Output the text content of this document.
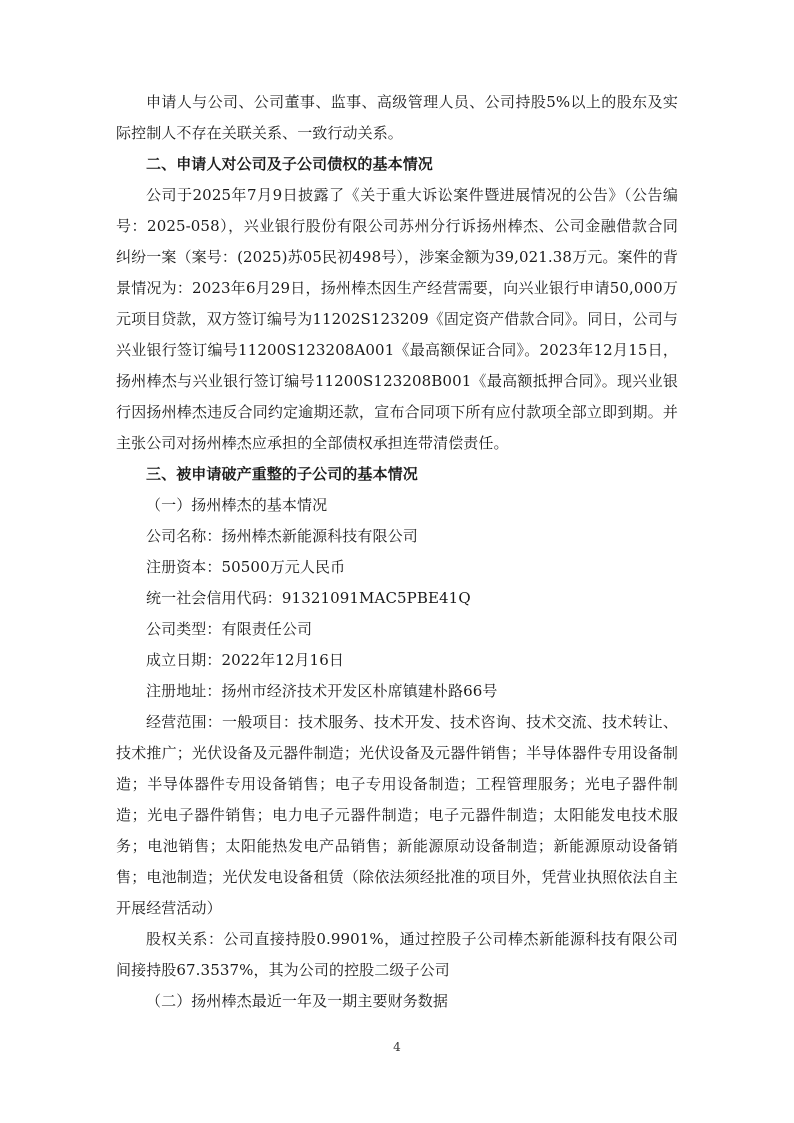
申请人与公司、公司董事、监事、高级管理人员、公司持股5%以上的股东及实际控制人不存在关联关系、一致行动关系。

二、申请人对公司及子公司债权的基本情况

公司于2025年7月9日披露了《关于重大诉讼案件暨进展情况的公告》（公告编号：2025-058），兴业银行股份有限公司苏州分行诉扬州棒杰、公司金融借款合同纠纷一案（案号：(2025)苏05民初498号），涉案金额为39,021.38万元。案件的背景情况为：2023年6月29日，扬州棒杰因生产经营需要，向兴业银行申请50,000万元项目贷款，双方签订编号为11202S123209《固定资产借款合同》。同日，公司与兴业银行签订编号11200S123208A001《最高额保证合同》。2023年12月15日，扬州棒杰与兴业银行签订编号11200S123208B001《最高额抵押合同》。现兴业银行因扬州棒杰违反合同约定逾期还款，宣布合同项下所有应付款项全部立即到期。并主张公司对扬州棒杰应承担的全部债权承担连带清偿责任。

三、被申请破产重整的子公司的基本情况

（一）扬州棒杰的基本情况

公司名称：扬州棒杰新能源科技有限公司

注册资本：50500万元人民币

统一社会信用代码：91321091MAC5PBE41Q

公司类型：有限责任公司

成立日期：2022年12月16日

注册地址：扬州市经济技术开发区朴席镇建朴路66号

经营范围：一般项目：技术服务、技术开发、技术咨询、技术交流、技术转让、技术推广；光伏设备及元器件制造；光伏设备及元器件销售；半导体器件专用设备制造；半导体器件专用设备销售；电子专用设备制造；工程管理服务；光电子器件制造；光电子器件销售；电力电子元器件制造；电子元器件制造；太阳能发电技术服务；电池销售；太阳能热发电产品销售；新能源原动设备制造；新能源原动设备销售；电池制造；光伏发电设备租赁（除依法须经批准的项目外，凭营业执照依法自主开展经营活动）

股权关系：公司直接持股0.9901%，通过控股子公司棒杰新能源科技有限公司间接持股67.3537%，其为公司的控股二级子公司

（二）扬州棒杰最近一年及一期主要财务数据

4
